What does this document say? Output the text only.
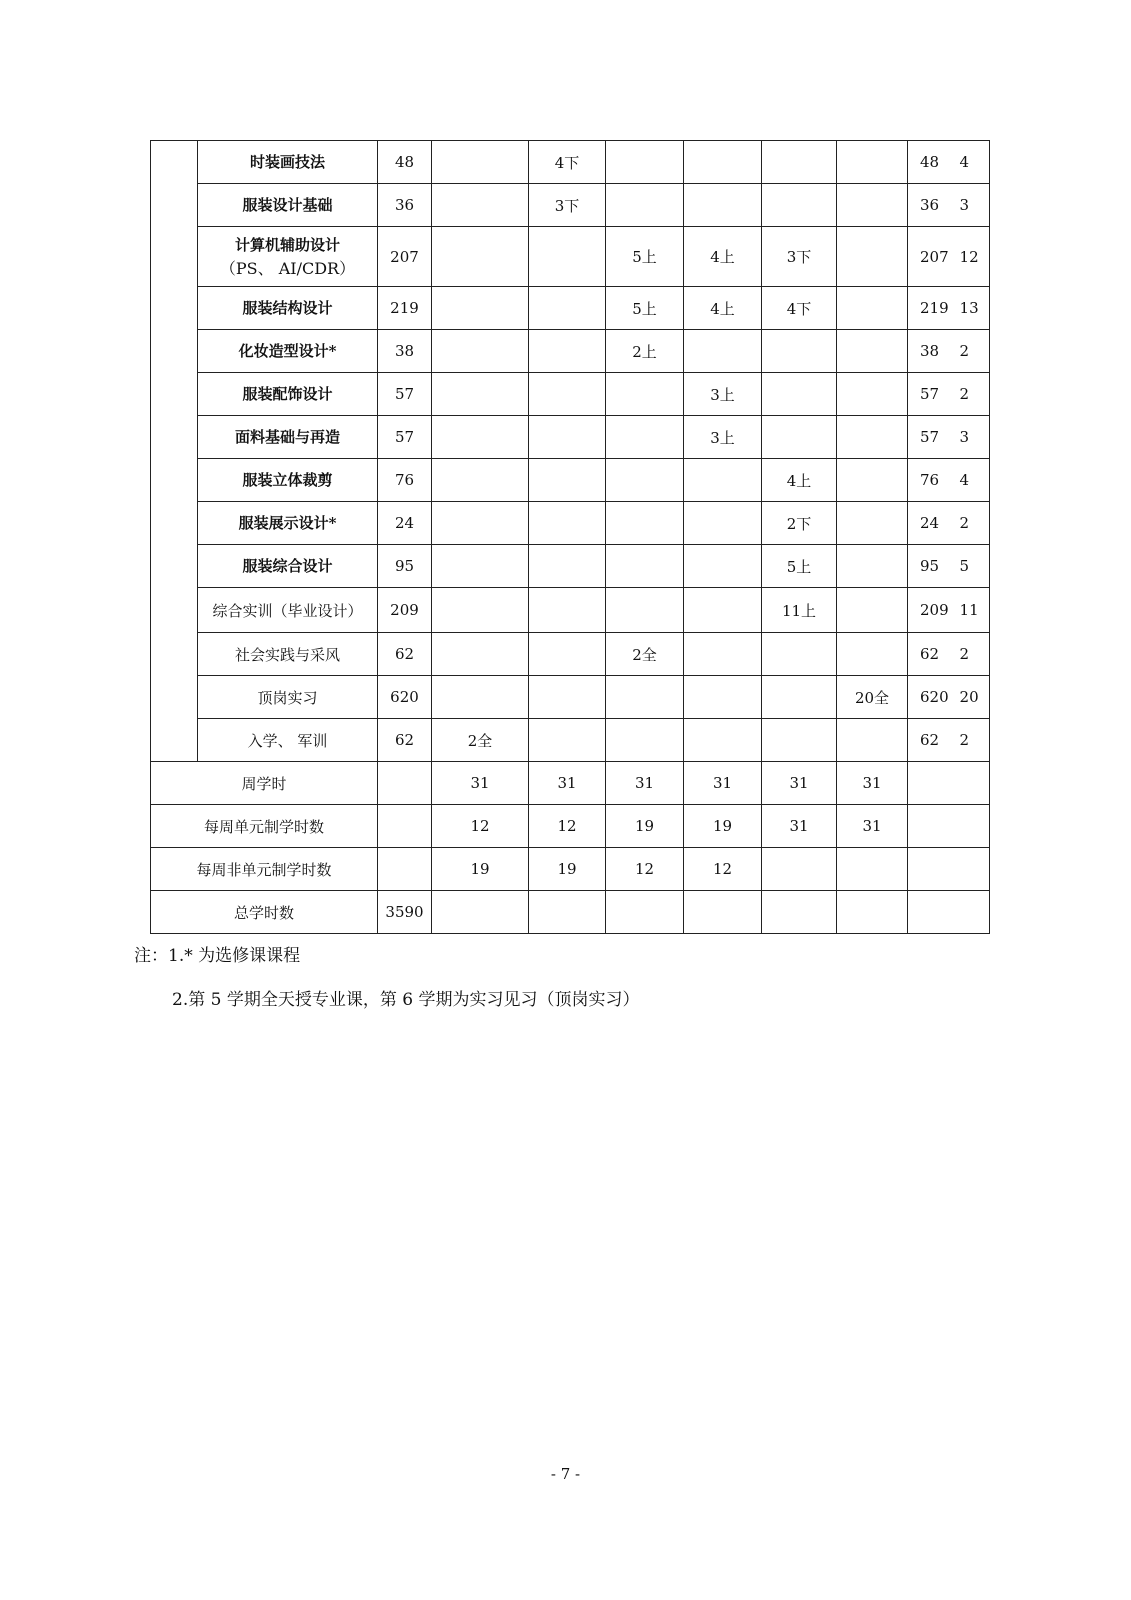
	时装画技法	48		4下					48 4

	服装设计基础	36		3下					36 3

	计算机辅助设计
（PS、 AI/CDR）	207			5上	4上	3下		207 12

	服装结构设计	219			5上	4上	4下		219 13

	化妆造型设计*	38			2上				38 2

	服装配饰设计	57				3上			57 2

	面料基础与再造	57				3上			57 3

	服装立体裁剪	76					4上		76 4

	服装展示设计*	24					2下		24 2

	服装综合设计	95					5上		95 5

	综合实训（毕业设计）	209					11上		209 11

	社会实践与采风	62			2全				62 2

	顶岗实习	620						20全	620 20

	入学、 军训	62	2全						62 2
周学时			31	31	31	31	31	31	
每周单元制学时数			12	12	19	19	31	31	
每周非单元制学时数			19	19	12	12			
总学时数		3590							
注：1.* 为选修课课程
2.第 5 学期全天授专业课，第 6 学期为实习见习（顶岗实习）
- 7 -
